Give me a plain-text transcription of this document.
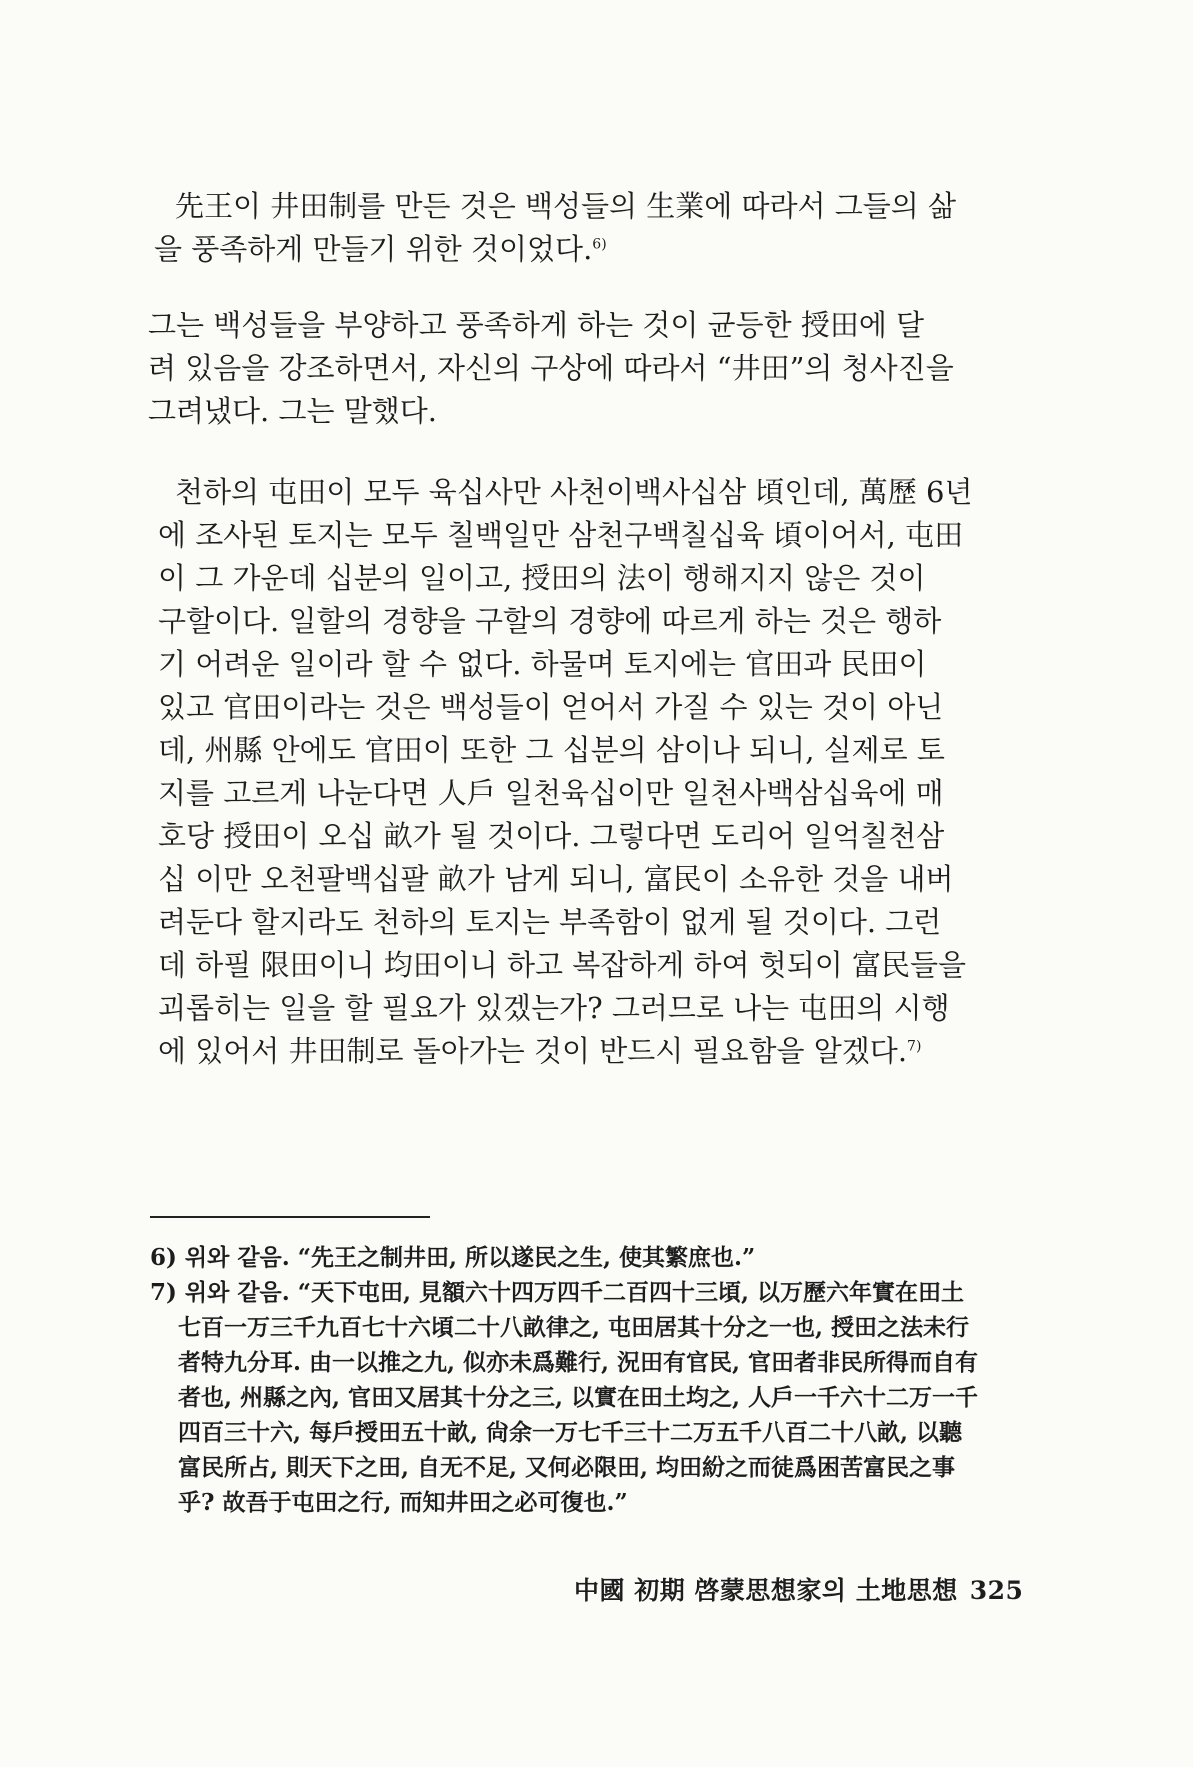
先王이 井田制를 만든 것은 백성들의 生業에 따라서 그들의 삶
을 풍족하게 만들기 위한 것이었다.$^{6)}$
그는 백성들을 부양하고 풍족하게 하는 것이 균등한 授田에 달
려 있음을 강조하면서, 자신의 구상에 따라서 “井田”의 청사진을
그려냈다. 그는 말했다.
천하의 屯田이 모두 육십사만 사천이백사십삼 頃인데, 萬歷 6년
에 조사된 토지는 모두 칠백일만 삼천구백칠십육 頃이어서, 屯田
이 그 가운데 십분의 일이고, 授田의 法이 행해지지 않은 것이
구할이다. 일할의 경향을 구할의 경향에 따르게 하는 것은 행하
기 어려운 일이라 할 수 없다. 하물며 토지에는 官田과 民田이
있고 官田이라는 것은 백성들이 얻어서 가질 수 있는 것이 아닌
데, 州縣 안에도 官田이 또한 그 십분의 삼이나 되니, 실제로 토
지를 고르게 나눈다면 人戶 일천육십이만 일천사백삼십육에 매
호당 授田이 오십 畝가 될 것이다. 그렇다면 도리어 일억칠천삼
십 이만 오천팔백십팔 畝가 남게 되니, 富民이 소유한 것을 내버
려둔다 할지라도 천하의 토지는 부족함이 없게 될 것이다. 그런
데 하필 限田이니 均田이니 하고 복잡하게 하여 헛되이 富民들을
괴롭히는 일을 할 필요가 있겠는가? 그러므로 나는 屯田의 시행
에 있어서 井田制로 돌아가는 것이 반드시 필요함을 알겠다.$^{7)}$
6) 위와 같음. “先王之制井田, 所以遂民之生, 使其繁庶也.”
7) 위와 같음. “天下屯田, 見額六十四万四千二百四十三頃, 以万歷六年實在田土
七百一万三千九百七十六頃二十八畝律之, 屯田居其十分之一也, 授田之法未行
者特九分耳. 由一以推之九, 似亦未爲難行, 況田有官民, 官田者非民所得而自有
者也, 州縣之內, 官田又居其十分之三, 以實在田土均之, 人戶一千六十二万一千
四百三十六, 每戶授田五十畝, 尙余一万七千三十二万五千八百二十八畝, 以聽
富民所占, 則天下之田, 自无不足, 又何必限田, 均田紛之而徒爲困苦富民之事
乎? 故吾于屯田之行, 而知井田之必可復也.”
中國 初期 啓蒙思想家의 土地思想 325
